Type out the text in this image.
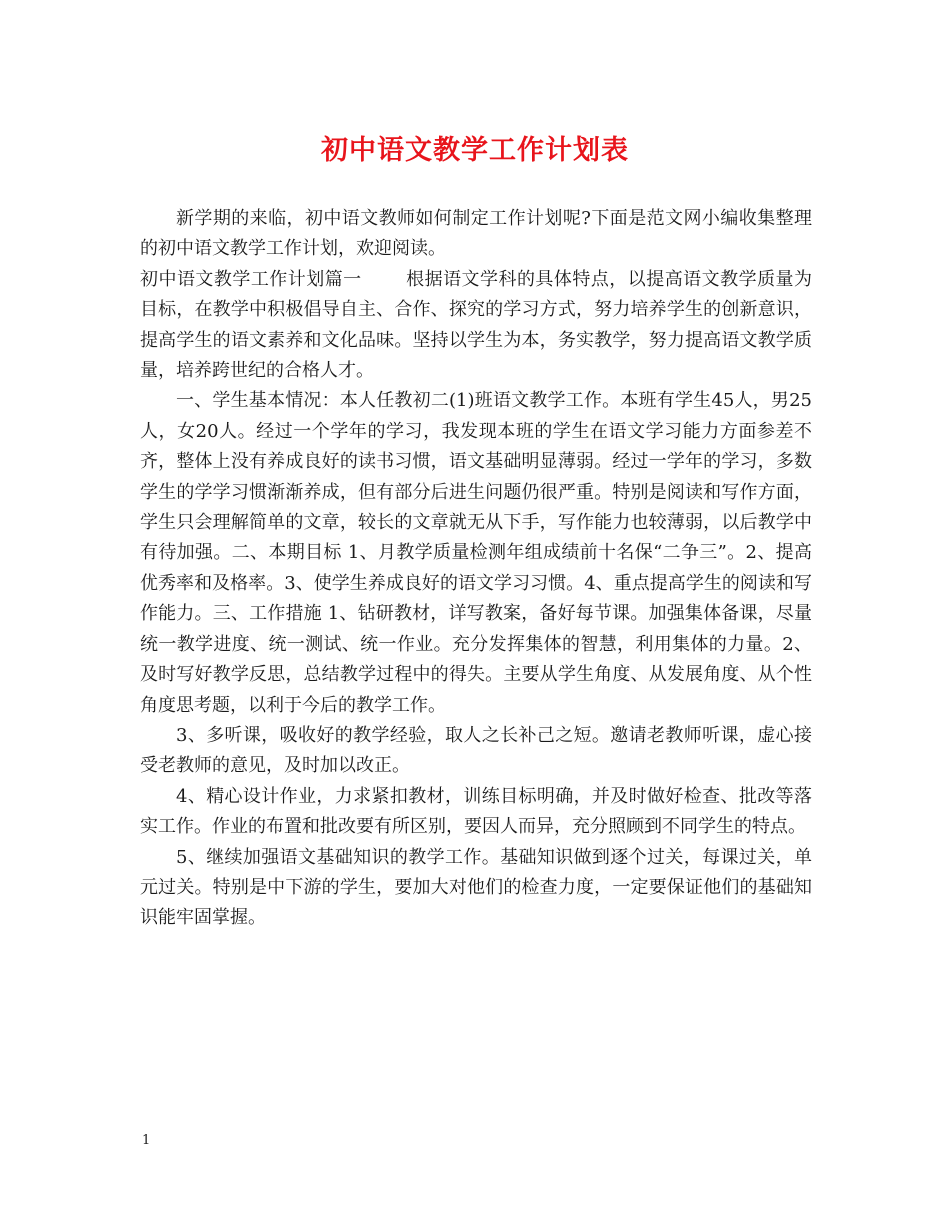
初中语文教学工作计划表

新学期的来临，初中语文教师如何制定工作计划呢?下面是范文网小编收集整理的初中语文教学工作计划，欢迎阅读。

初中语文教学工作计划篇一 根据语文学科的具体特点，以提高语文教学质量为目标，在教学中积极倡导自主、合作、探究的学习方式，努力培养学生的创新意识，提高学生的语文素养和文化品味。坚持以学生为本，务实教学，努力提高语文教学质量，培养跨世纪的合格人才。

一、学生基本情况：本人任教初二(1)班语文教学工作。本班有学生45人，男25人，女20人。经过一个学年的学习，我发现本班的学生在语文学习能力方面参差不齐，整体上没有养成良好的读书习惯，语文基础明显薄弱。经过一学年的学习，多数学生的学学习惯渐渐养成，但有部分后进生问题仍很严重。特别是阅读和写作方面，学生只会理解简单的文章，较长的文章就无从下手，写作能力也较薄弱，以后教学中有待加强。二、本期目标 1、月教学质量检测年组成绩前十名保“二争三”。2、提高优秀率和及格率。3、使学生养成良好的语文学习习惯。4、重点提高学生的阅读和写作能力。三、工作措施 1、钻研教材，详写教案，备好每节课。加强集体备课，尽量统一教学进度、统一测试、统一作业。充分发挥集体的智慧，利用集体的力量。2、及时写好教学反思，总结教学过程中的得失。主要从学生角度、从发展角度、从个性角度思考题，以利于今后的教学工作。

3、多听课，吸收好的教学经验，取人之长补己之短。邀请老教师听课，虚心接受老教师的意见，及时加以改正。

4、精心设计作业，力求紧扣教材，训练目标明确，并及时做好检查、批改等落实工作。作业的布置和批改要有所区别，要因人而异，充分照顾到不同学生的特点。

5、继续加强语文基础知识的教学工作。基础知识做到逐个过关，每课过关，单元过关。特别是中下游的学生，要加大对他们的检查力度，一定要保证他们的基础知识能牢固掌握。

1
